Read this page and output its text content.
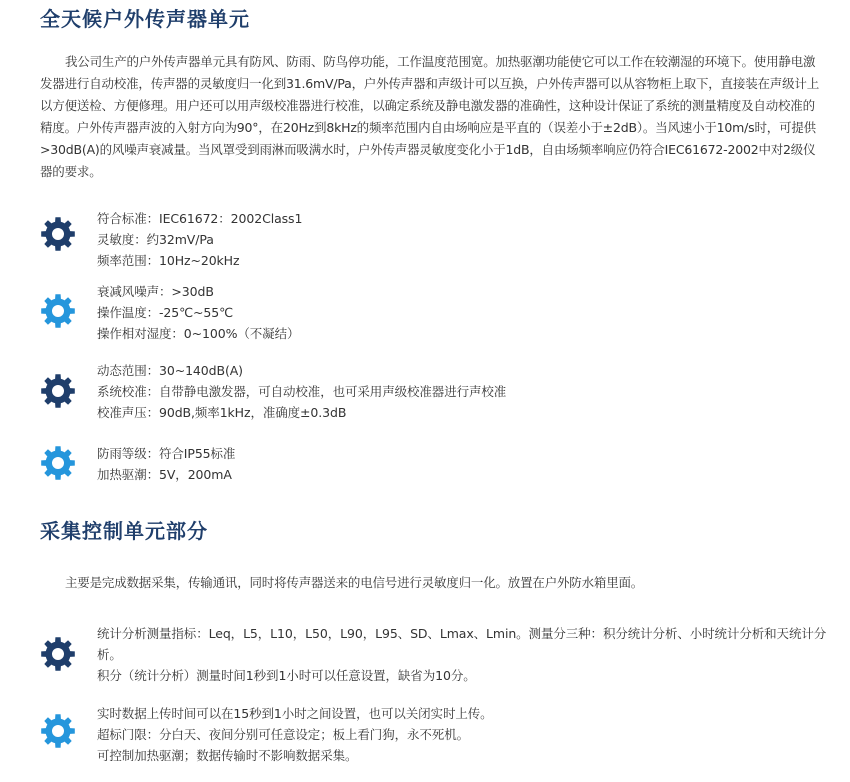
全天候户外传声器单元

我公司生产的户外传声器单元具有防风、防雨、防鸟停功能，工作温度范围宽。加热驱潮功能使它可以工作在较潮湿的环境下。使用静电激发器进行自动校准，传声器的灵敏度归一化到31.6mV/Pa，户外传声器和声级计可以互换，户外传声器可以从容物柜上取下，直接装在声级计上以方便送检、方便修理。用户还可以用声级校准器进行校准，以确定系统及静电激发器的准确性，这种设计保证了系统的测量精度及自动校准的精度。户外传声器声波的入射方向为90°，在20Hz到8kHz的频率范围内自由场响应是平直的（误差小于±2dB）。当风速小于10m/s时，可提供>30dB(A)的风噪声衰减量。当风罩受到雨淋而吸满水时，户外传声器灵敏度变化小于1dB，自由场频率响应仍符合IEC61672-2002中对2级仪器的要求。

符合标准：IEC61672：2002Class1
灵敏度：约32mV/Pa
频率范围：10Hz~20kHz
衰减风噪声：>30dB
操作温度：-25℃~55℃
操作相对湿度：0~100%（不凝结）
动态范围：30~140dB(A)
系统校准：自带静电激发器，可自动校准，也可采用声级校准器进行声校准
校准声压：90dB,频率1kHz，准确度±0.3dB
防雨等级：符合IP55标准
加热驱潮：5V，200mA
采集控制单元部分

主要是完成数据采集，传输通讯，同时将传声器送来的电信号进行灵敏度归一化。放置在户外防水箱里面。

统计分析测量指标：Leq，L5，L10，L50，L90，L95、SD、Lmax、Lmin。测量分三种：积分统计分析、小时统计分析和天统计分析。
积分（统计分析）测量时间1秒到1小时可以任意设置，缺省为10分。
实时数据上传时间可以在15秒到1小时之间设置，也可以关闭实时上传。
超标门限：分白天、夜间分别可任意设定；板上看门狗，永不死机。
可控制加热驱潮；数据传输时不影响数据采集。
